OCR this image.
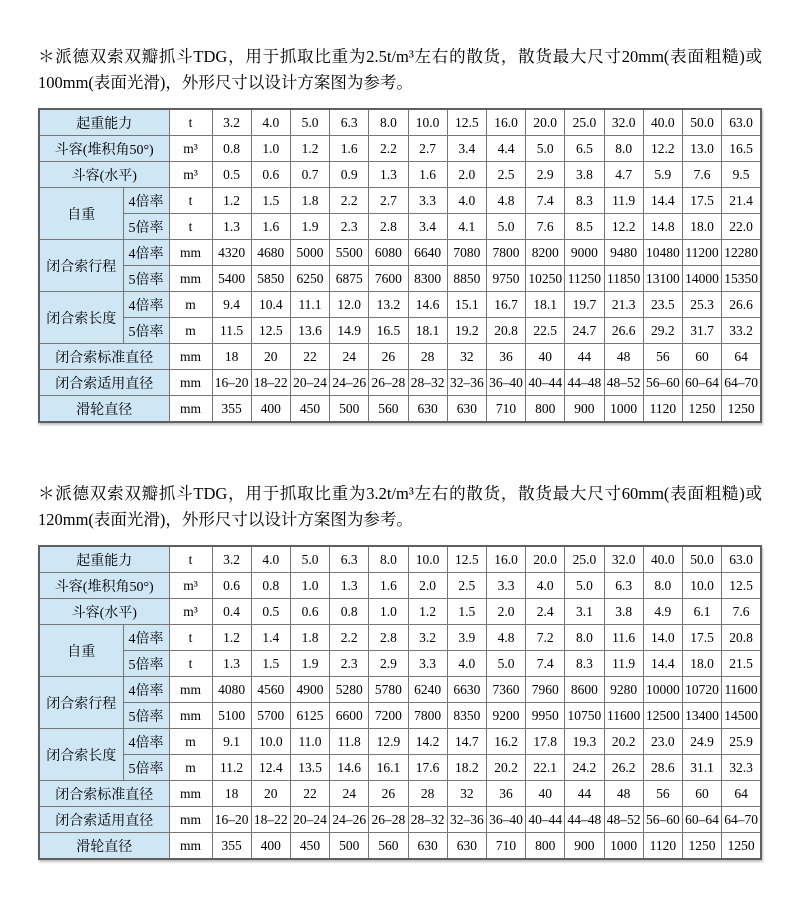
＊派德双索双瓣抓斗TDG，用于抓取比重为2.5t/m³左右的散货，散货最大尺寸20mm(表面粗糙)或100mm(表面光滑)，外形尺寸以设计方案图为参考。

起重能力		t	3.2	4.0	5.0	6.3	8.0	10.0	12.5	16.0	20.0	25.0	32.0	40.0	50.0	63.0
斗容(堆积角50°)		m³	0.8	1.0	1.2	1.6	2.2	2.7	3.4	4.4	5.0	6.5	8.0	12.2	13.0	16.5
斗容(水平)		m³	0.5	0.6	0.7	0.9	1.3	1.6	2.0	2.5	2.9	3.8	4.7	5.9	7.6	9.5
自重	4倍率	t	1.2	1.5	1.8	2.2	2.7	3.3	4.0	4.8	7.4	8.3	11.9	14.4	17.5	21.4
	5倍率	t	1.3	1.6	1.9	2.3	2.8	3.4	4.1	5.0	7.6	8.5	12.2	14.8	18.0	22.0
闭合索行程	4倍率	mm	4320	4680	5000	5500	6080	6640	7080	7800	8200	9000	9480	10480	11200	12280
	5倍率	mm	5400	5850	6250	6875	7600	8300	8850	9750	10250	11250	11850	13100	14000	15350
闭合索长度	4倍率	m	9.4	10.4	11.1	12.0	13.2	14.6	15.1	16.7	18.1	19.7	21.3	23.5	25.3	26.6
	5倍率	m	11.5	12.5	13.6	14.9	16.5	18.1	19.2	20.8	22.5	24.7	26.6	29.2	31.7	33.2
闭合索标准直径		mm	18	20	22	24	26	28	32	36	40	44	48	56	60	64
闭合索适用直径		mm	16–20	18–22	20–24	24–26	26–28	28–32	32–36	36–40	40–44	44–48	48–52	56–60	60–64	64–70
滑轮直径		mm	355	400	450	500	560	630	630	710	800	900	1000	1120	1250	1250

＊派德双索双瓣抓斗TDG，用于抓取比重为3.2t/m³左右的散货，散货最大尺寸60mm(表面粗糙)或120mm(表面光滑)，外形尺寸以设计方案图为参考。

起重能力		t	3.2	4.0	5.0	6.3	8.0	10.0	12.5	16.0	20.0	25.0	32.0	40.0	50.0	63.0
斗容(堆积角50°)		m³	0.6	0.8	1.0	1.3	1.6	2.0	2.5	3.3	4.0	5.0	6.3	8.0	10.0	12.5
斗容(水平)		m³	0.4	0.5	0.6	0.8	1.0	1.2	1.5	2.0	2.4	3.1	3.8	4.9	6.1	7.6
自重	4倍率	t	1.2	1.4	1.8	2.2	2.8	3.2	3.9	4.8	7.2	8.0	11.6	14.0	17.5	20.8
	5倍率	t	1.3	1.5	1.9	2.3	2.9	3.3	4.0	5.0	7.4	8.3	11.9	14.4	18.0	21.5
闭合索行程	4倍率	mm	4080	4560	4900	5280	5780	6240	6630	7360	7960	8600	9280	10000	10720	11600
	5倍率	mm	5100	5700	6125	6600	7200	7800	8350	9200	9950	10750	11600	12500	13400	14500
闭合索长度	4倍率	m	9.1	10.0	11.0	11.8	12.9	14.2	14.7	16.2	17.8	19.3	20.2	23.0	24.9	25.9
	5倍率	m	11.2	12.4	13.5	14.6	16.1	17.6	18.2	20.2	22.1	24.2	26.2	28.6	31.1	32.3
闭合索标准直径		mm	18	20	22	24	26	28	32	36	40	44	48	56	60	64
闭合索适用直径		mm	16–20	18–22	20–24	24–26	26–28	28–32	32–36	36–40	40–44	44–48	48–52	56–60	60–64	64–70
滑轮直径		mm	355	400	450	500	560	630	630	710	800	900	1000	1120	1250	1250
